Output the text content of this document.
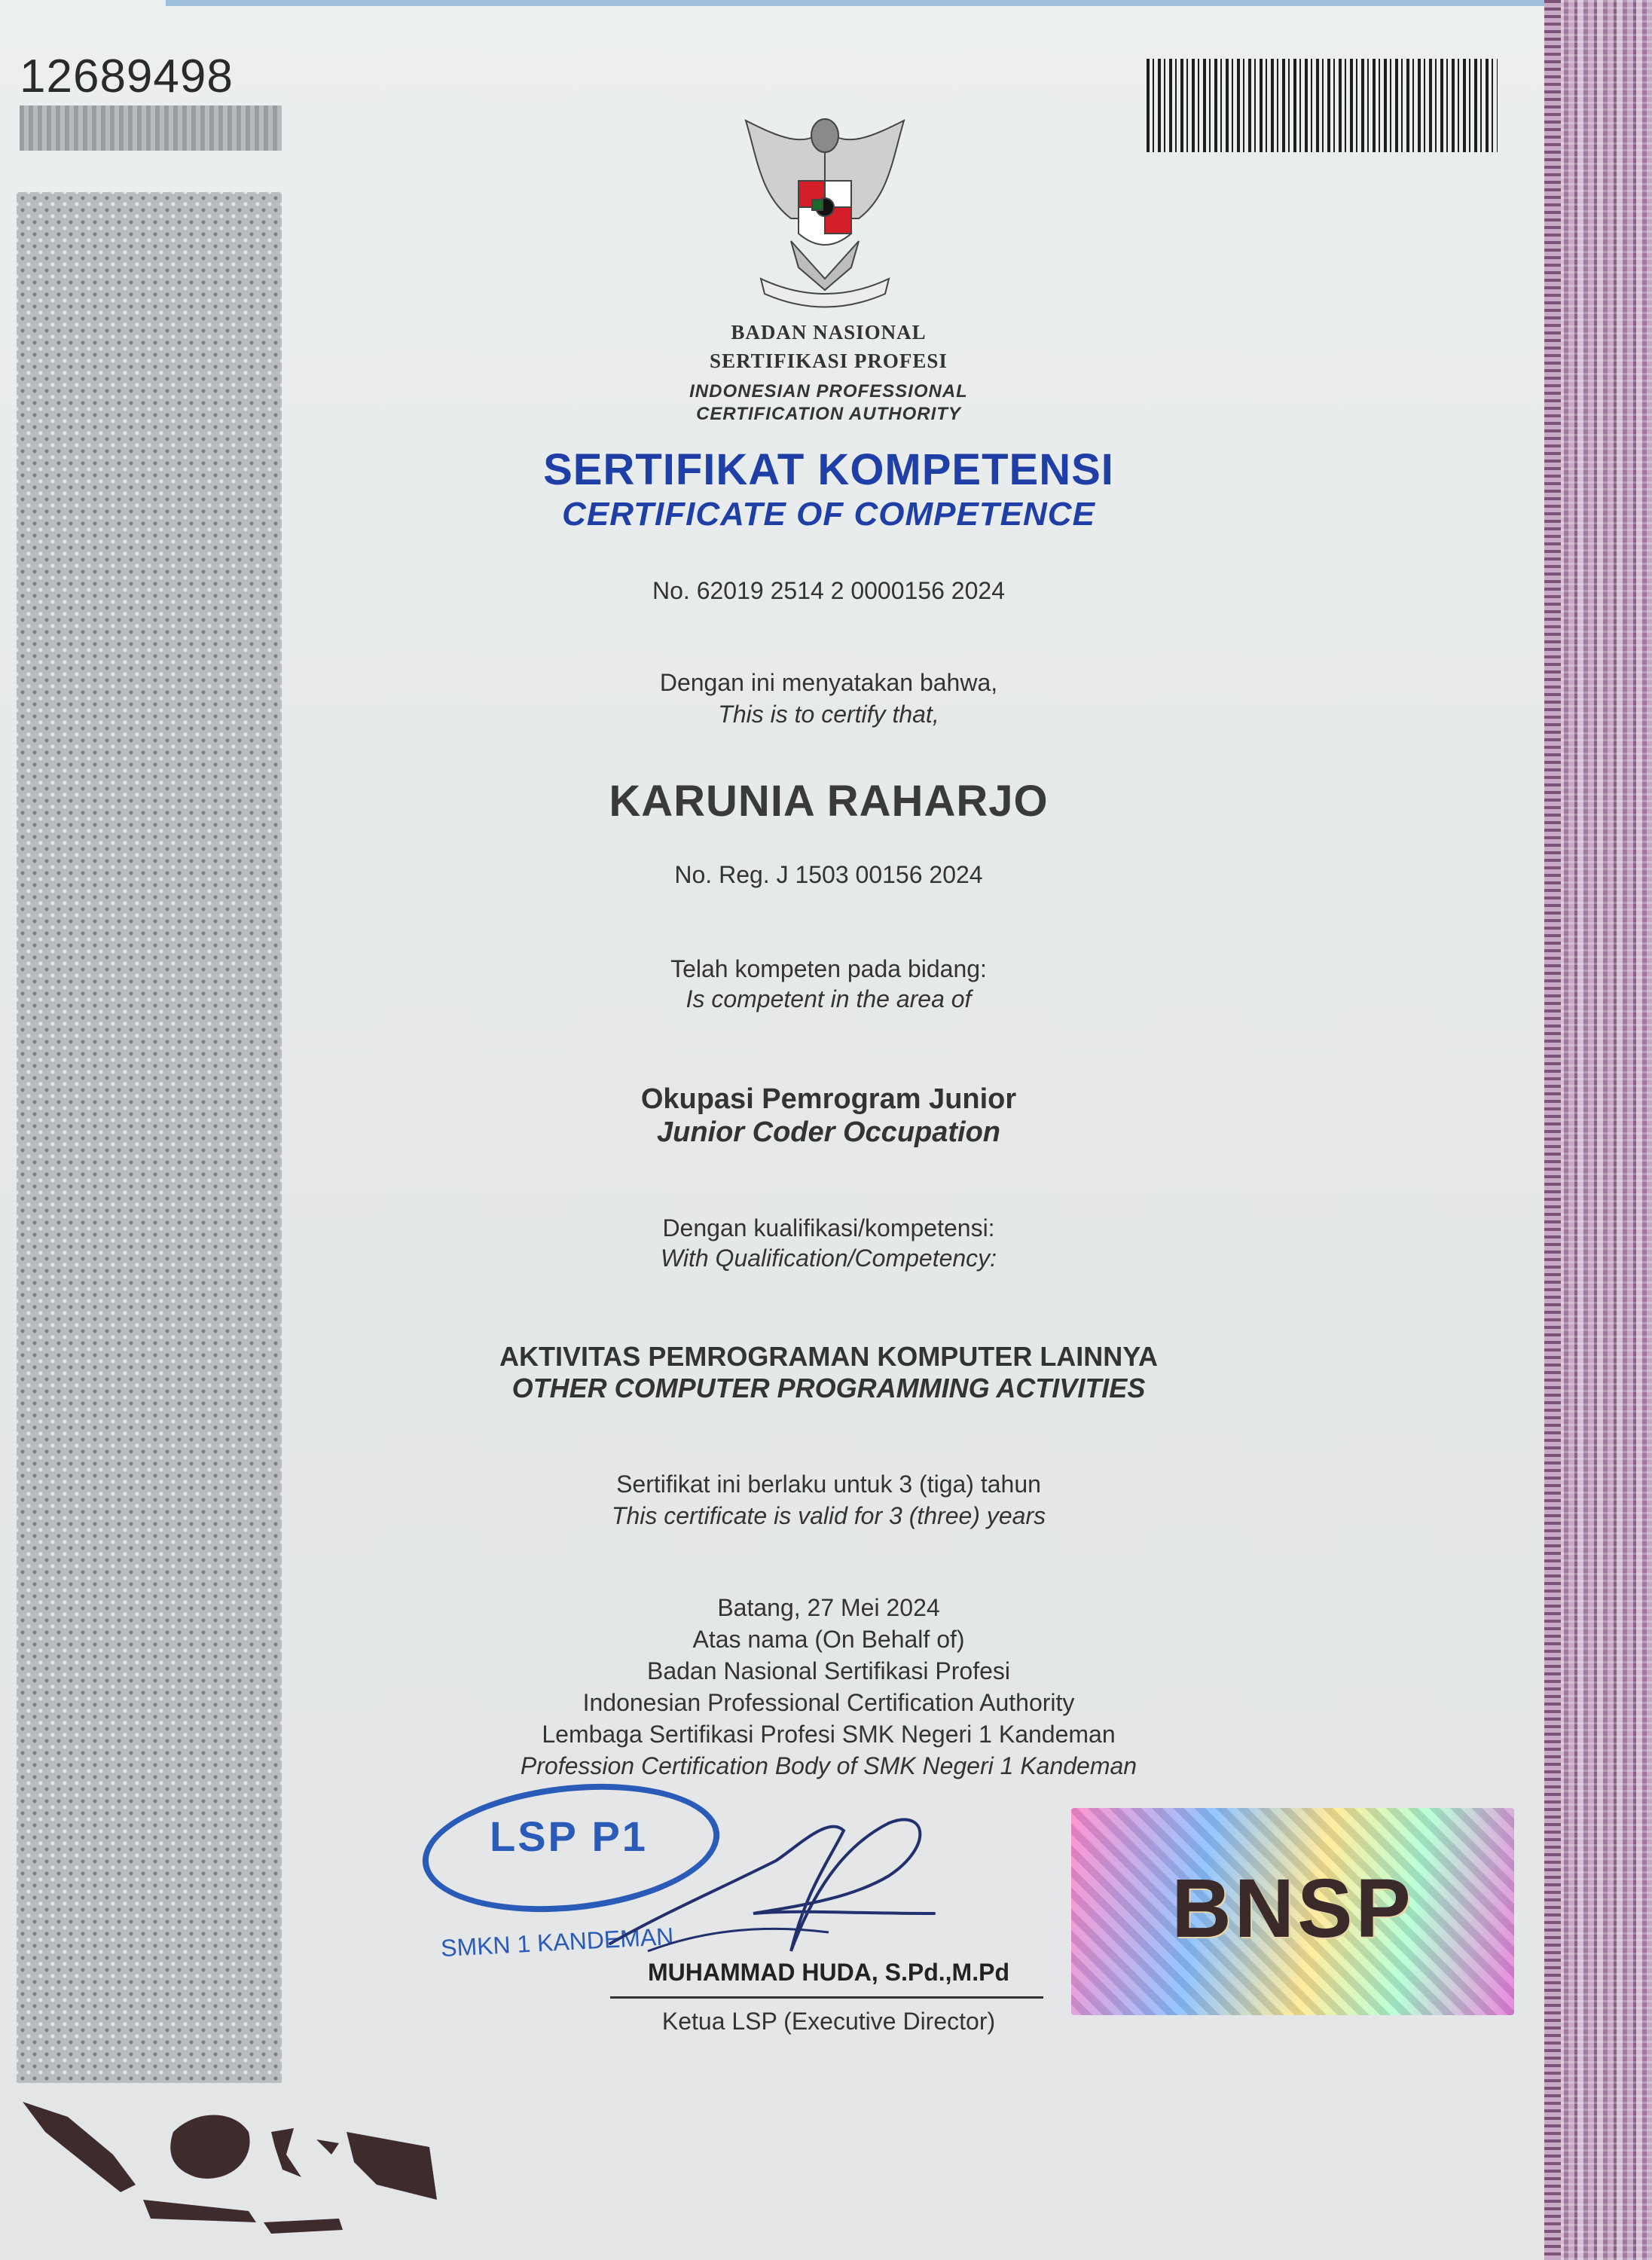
12689498

BADAN NASIONAL

SERTIFIKASI PROFESI

INDONESIAN PROFESSIONAL

CERTIFICATION AUTHORITY

SERTIFIKAT KOMPETENSI

CERTIFICATE OF COMPETENCE

No. 62019 2514 2 0000156 2024

Dengan ini menyatakan bahwa,

This is to certify that,

KARUNIA RAHARJO

No. Reg. J 1503 00156 2024

Telah kompeten pada bidang:

Is competent in the area of

Okupasi Pemrogram Junior

Junior Coder Occupation

Dengan kualifikasi/kompetensi:

With Qualification/Competency:

AKTIVITAS PEMROGRAMAN KOMPUTER LAINNYA

OTHER COMPUTER PROGRAMMING ACTIVITIES

Sertifikat ini berlaku untuk 3 (tiga) tahun

This certificate is valid for 3 (three) years

Batang, 27 Mei 2024

Atas nama (On Behalf of)

Badan Nasional Sertifikasi Profesi

Indonesian Professional Certification Authority

Lembaga Sertifikasi Profesi SMK Negeri 1 Kandeman

Profession Certification Body of SMK Negeri 1 Kandeman

LSP P1
SMKN 1 KANDEMAN
MUHAMMAD HUDA, S.Pd.,M.Pd
Ketua LSP (Executive Director)
BNSP
